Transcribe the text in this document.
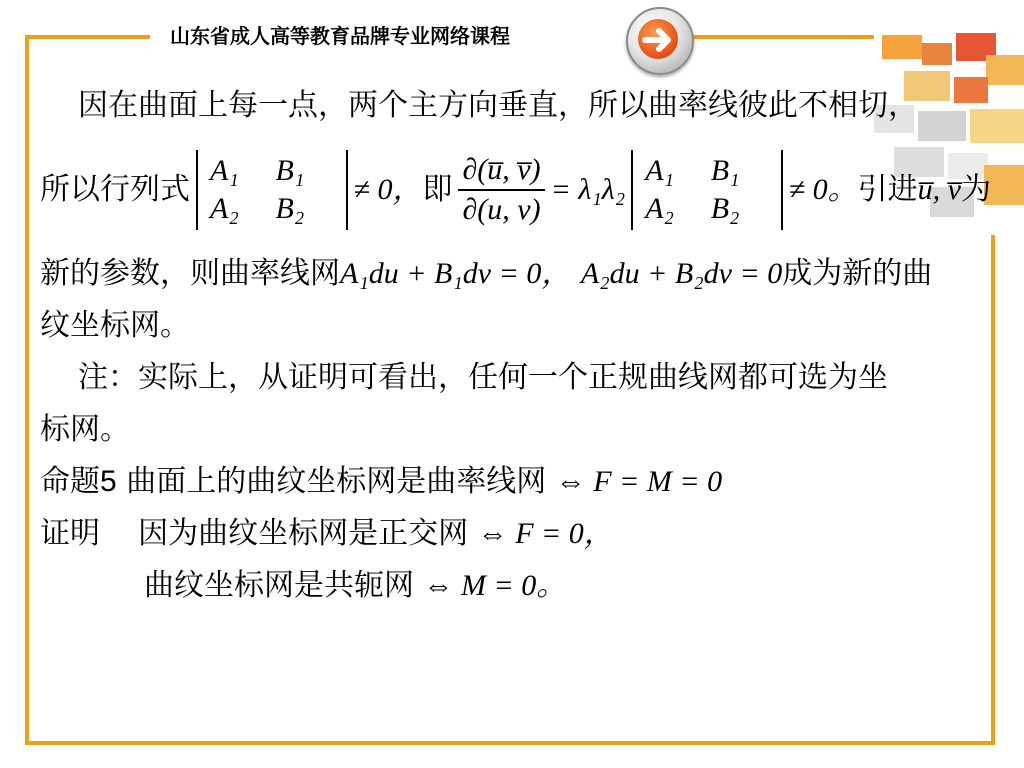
山东省成人高等教育品牌专业网络课程
因在曲面上每一点，两个主方向垂直，所以曲率线彼此不相切，
所以行列式
A₁ B₁
A₂ B₂
≠ 0， 即 $\frac{\partial(u̅, v̅)}{\partial(u, v)} = \lambda_1\lambda_2$
A₁ B₁
A₂ B₂
≠ 0。 引进 u̅, v̅ 为
新的参数，则曲率线网A₁du + B₁dv = 0， A₂du + B₂dv = 0成为新的曲
纹坐标网。
注：实际上，从证明可看出，任何一个正规曲线网都可选为坐
标网。
命题5 曲面上的曲纹坐标网是曲率线网 ⇔ F = M = 0
证明 因为曲纹坐标网是正交网 ⇔ F = 0，
曲纹坐标网是共轭网 ⇔ M = 0。
